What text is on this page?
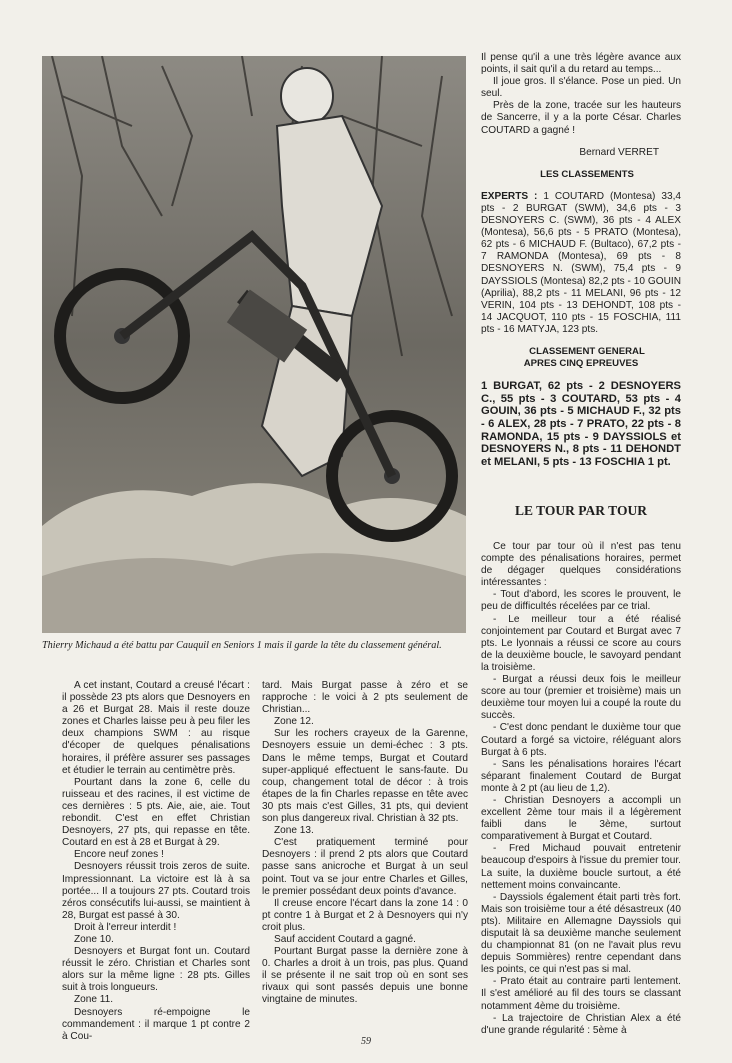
Thierry Michaud a été battu par Cauquil en Seniors 1 mais il garde la tête du classement général.

A cet instant, Coutard a creusé l'écart : il possède 23 pts alors que Desnoyers en a 26 et Burgat 28. Mais il reste douze zones et Charles laisse peu à peu filer les deux champions SWM : au risque d'écoper de quelques pénalisations horaires, il préfère assurer ses passages et étudier le terrain au centimètre près.

Pourtant dans la zone 6, celle du ruisseau et des racines, il est victime de ces dernières : 5 pts. Aie, aie, aie. Tout rebondit. C'est en effet Christian Desnoyers, 27 pts, qui repasse en tête. Coutard en est à 28 et Burgat à 29.

Encore neuf zones !

Desnoyers réussit trois zeros de suite. Impressionnant. La victoire est là à sa portée... Il a toujours 27 pts. Coutard trois zéros consécutifs lui-aussi, se maintient à 28, Burgat est passé à 30.

Droit à l'erreur interdit !

Zone 10.

Desnoyers et Burgat font un. Coutard réussit le zéro. Christian et Charles sont alors sur la même ligne : 28 pts. Gilles suit à trois longueurs.

Zone 11.

Desnoyers ré-empoigne le commandement : il marque 1 pt contre 2 à Cou-

tard. Mais Burgat passe à zéro et se rapproche : le voici à 2 pts seulement de Christian...

Zone 12.

Sur les rochers crayeux de la Garenne, Desnoyers essuie un demi-échec : 3 pts. Dans le même temps, Burgat et Coutard super-appliqué effectuent le sans-faute. Du coup, changement total de décor : à trois étapes de la fin Charles repasse en tête avec 30 pts mais c'est Gilles, 31 pts, qui devient son plus dangereux rival. Christian à 32 pts.

Zone 13.

C'est pratiquement terminé pour Desnoyers : il prend 2 pts alors que Coutard passe sans anicroche et Burgat à un seul point. Tout va se jour entre Charles et Gilles, le premier possédant deux points d'avance.

Il creuse encore l'écart dans la zone 14 : 0 pt contre 1 à Burgat et 2 à Desnoyers qui n'y croit plus.

Sauf accident Coutard a gagné.

Pourtant Burgat passe la dernière zone à 0. Charles a droit à un trois, pas plus. Quand il se présente il ne sait trop où en sont ses rivaux qui sont passés depuis une bonne vingtaine de minutes.

Il pense qu'il a une très légère avance aux points, il sait qu'il a du retard au temps...

Il joue gros. Il s'élance. Pose un pied. Un seul.

Près de la zone, tracée sur les hauteurs de Sancerre, il y a la porte César. Charles COUTARD a gagné !

Bernard VERRET

LES CLASSEMENTS

EXPERTS : 1 COUTARD (Montesa) 33,4 pts - 2 BURGAT (SWM), 34,6 pts - 3 DESNOYERS C. (SWM), 36 pts - 4 ALEX (Montesa), 56,6 pts - 5 PRATO (Montesa), 62 pts - 6 MICHAUD F. (Bultaco), 67,2 pts - 7 RAMONDA (Montesa), 69 pts - 8 DESNOYERS N. (SWM), 75,4 pts - 9 DAYSSIOLS (Montesa) 82,2 pts - 10 GOUIN (Aprilia), 88,2 pts - 11 MELANI, 96 pts - 12 VERIN, 104 pts - 13 DEHONDT, 108 pts - 14 JACQUOT, 110 pts - 15 FOSCHIA, 111 pts - 16 MATYJA, 123 pts.

CLASSEMENT GENERAL

APRES CINQ EPREUVES

1 BURGAT, 62 pts - 2 DESNOYERS C., 55 pts - 3 COUTARD, 53 pts - 4 GOUIN, 36 pts - 5 MICHAUD F., 32 pts - 6 ALEX, 28 pts - 7 PRATO, 22 pts - 8 RAMONDA, 15 pts - 9 DAYSSIOLS et DESNOYERS N., 8 pts - 11 DEHONDT et MELANI, 5 pts - 13 FOSCHIA 1 pt.

LE TOUR PAR TOUR

Ce tour par tour où il n'est pas tenu compte des pénalisations horaires, permet de dégager quelques considérations intéressantes :

- Tout d'abord, les scores le prouvent, le peu de difficultés récelées par ce trial.

- Le meilleur tour a été réalisé conjointement par Coutard et Burgat avec 7 pts. Le lyonnais a réussi ce score au cours de la deuxième boucle, le savoyard pendant la troisième.

- Burgat a réussi deux fois le meilleur score au tour (premier et troisième) mais un deuxième tour moyen lui a coupé la route du succès.

- C'est donc pendant le duxième tour que Coutard a forgé sa victoire, réléguant alors Burgat à 6 pts.

- Sans les pénalisations horaires l'écart séparant finalement Coutard de Burgat monte à 2 pt (au lieu de 1,2).

- Christian Desnoyers a accompli un excellent 2ème tour mais il a légèrement faibli dans le 3ème, surtout comparativement à Burgat et Coutard.

- Fred Michaud pouvait entretenir beaucoup d'espoirs à l'issue du premier tour. La suite, la duxième boucle surtout, a été nettement moins convaincante.

- Dayssiols également était parti très fort. Mais son troisième tour a été désastreux (40 pts). Militaire en Allemagne Dayssiols qui disputait là sa deuxième manche seulement du championnat 81 (on ne l'avait plus revu depuis Sommières) rentre cependant dans les points, ce qui n'est pas si mal.

- Prato était au contraire parti lentement. Il s'est amélioré au fil des tours se classant notamment 4ème du troisième.

- La trajectoire de Christian Alex a été d'une grande régularité : 5ème à

59
